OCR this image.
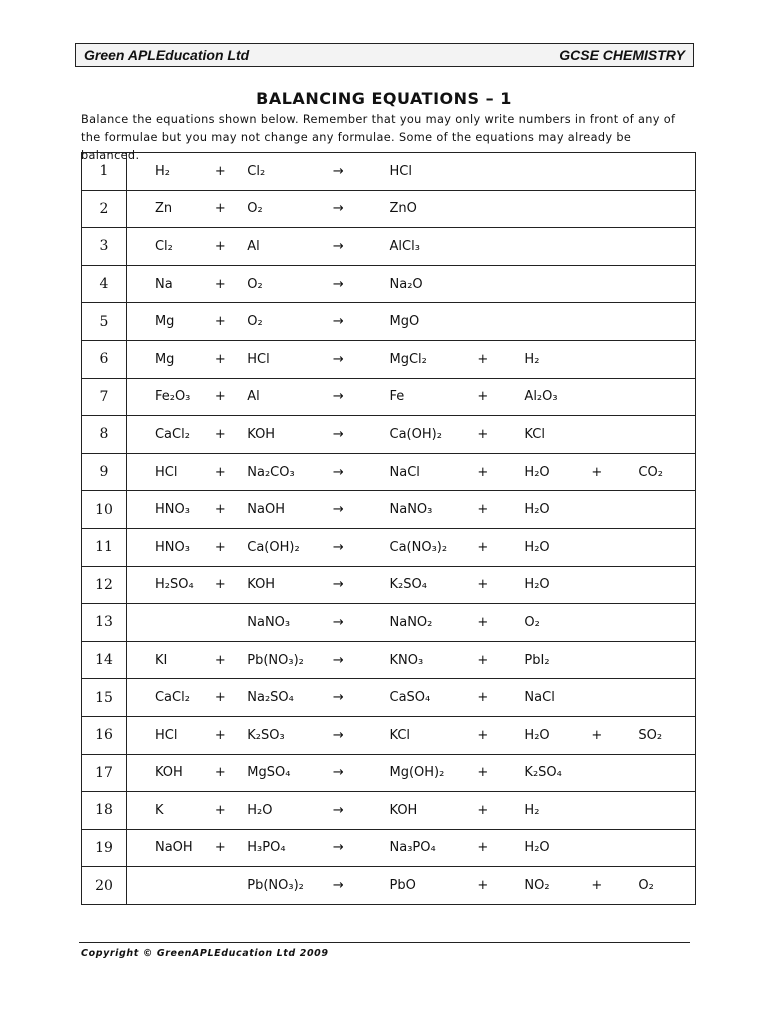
Green APLEducation Ltd	GCSE CHEMISTRY
BALANCING EQUATIONS – 1
Balance the equations shown below. Remember that you may only write numbers in front of any of the formulae but you may not change any formulae. Some of the equations may already be balanced.
1	H₂	+	Cl₂	→	HCl				
2	Zn	+	O₂	→	ZnO				
3	Cl₂	+	Al	→	AlCl₃				
4	Na	+	O₂	→	Na₂O				
5	Mg	+	O₂	→	MgO				
6	Mg	+	HCl	→	MgCl₂	+	H₂		
7	Fe₂O₃	+	Al	→	Fe	+	Al₂O₃		
8	CaCl₂	+	KOH	→	Ca(OH)₂	+	KCl		
9	HCl	+	Na₂CO₃	→	NaCl	+	H₂O	+	CO₂
10	HNO₃	+	NaOH	→	NaNO₃	+	H₂O		
11	HNO₃	+	Ca(OH)₂	→	Ca(NO₃)₂	+	H₂O		
12	H₂SO₄	+	KOH	→	K₂SO₄	+	H₂O		
13			NaNO₃	→	NaNO₂	+	O₂		
14	KI	+	Pb(NO₃)₂	→	KNO₃	+	PbI₂		
15	CaCl₂	+	Na₂SO₄	→	CaSO₄	+	NaCl		
16	HCl	+	K₂SO₃	→	KCl	+	H₂O	+	SO₂
17	KOH	+	MgSO₄	→	Mg(OH)₂	+	K₂SO₄		
18	K	+	H₂O	→	KOH	+	H₂		
19	NaOH	+	H₃PO₄	→	Na₃PO₄	+	H₂O		
20			Pb(NO₃)₂	→	PbO	+	NO₂	+	O₂
Copyright © GreenAPLEducation Ltd 2009
